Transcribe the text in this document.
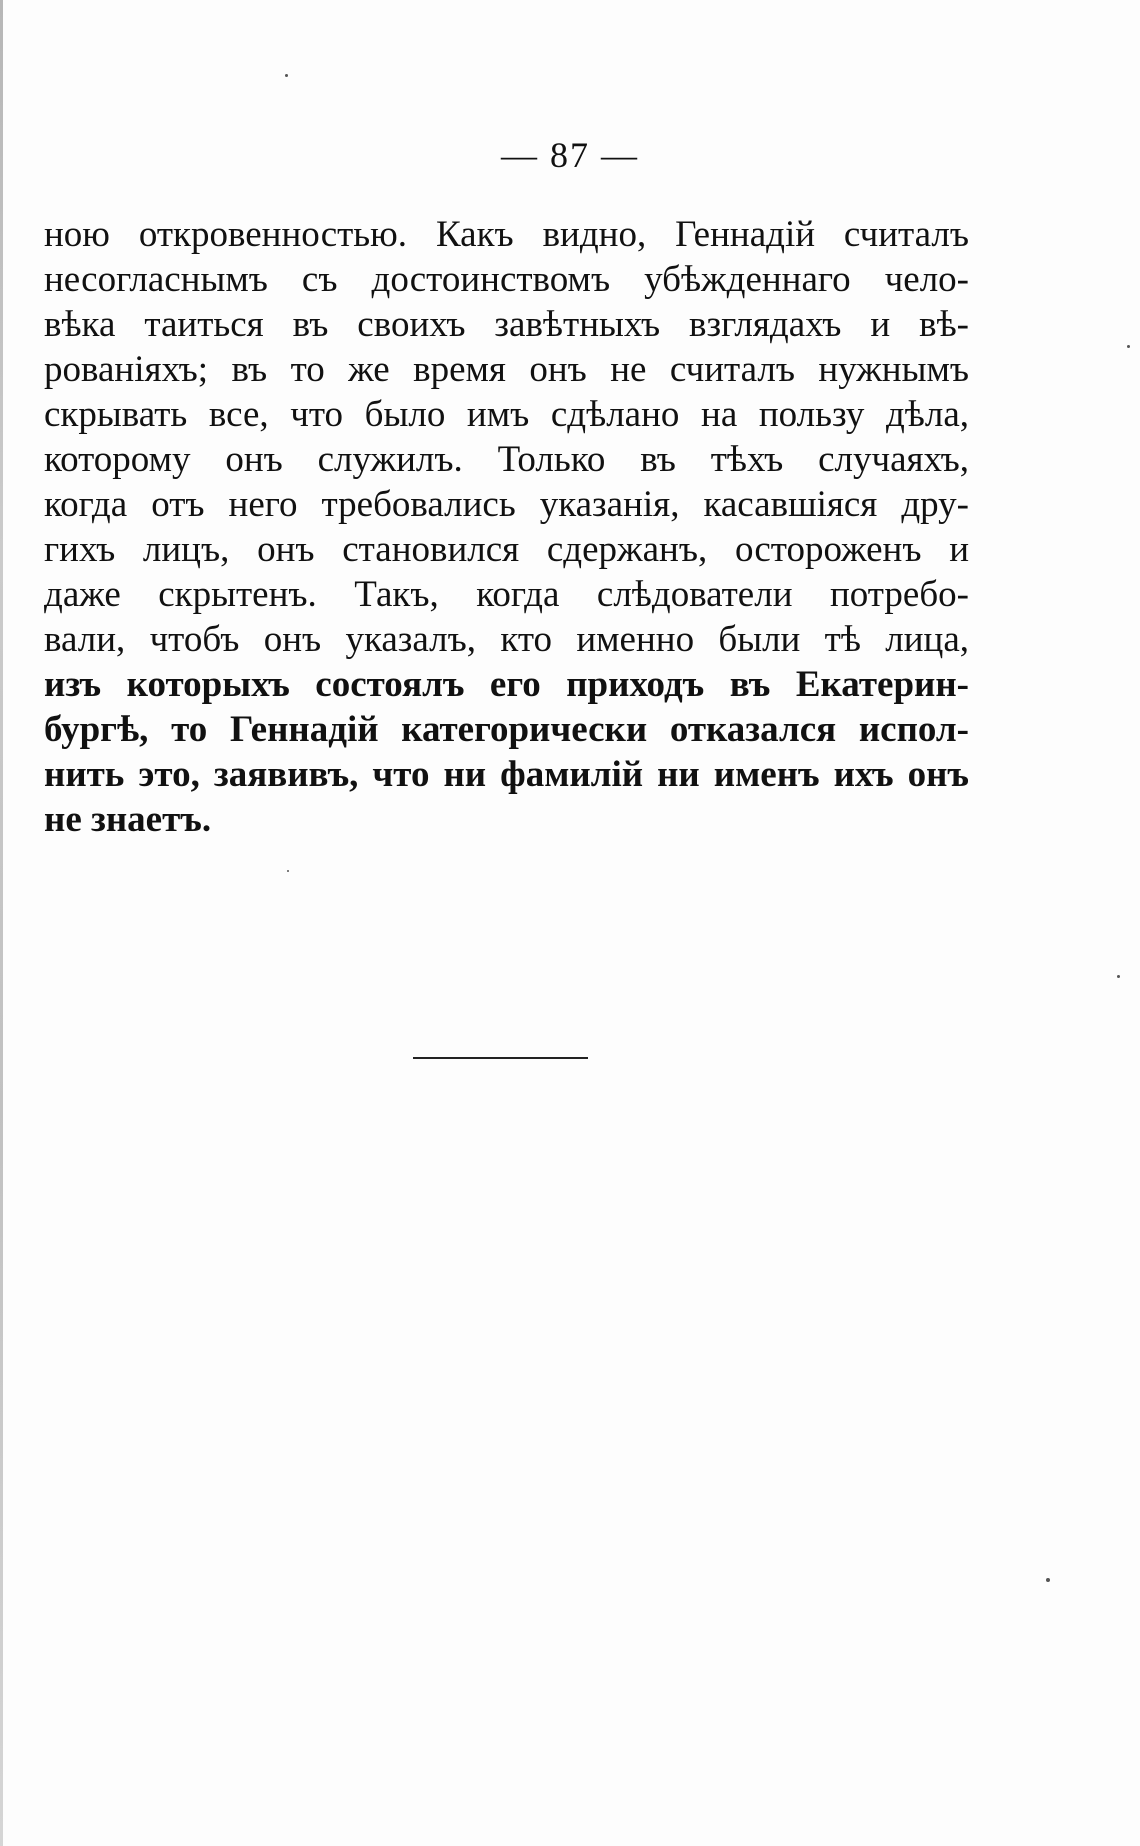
— 87 —
ною откровенностью. Какъ видно, Геннадій считалъ
несогласнымъ съ достоинствомъ убѣжденнаго чело-
вѣка таиться въ своихъ завѣтныхъ взглядахъ и вѣ-
рованіяхъ; въ то же время онъ не считалъ нужнымъ
скрывать все, что было имъ сдѣлано на пользу дѣла,
которому онъ служилъ. Только въ тѣхъ случаяхъ,
когда отъ него требовались указанія, касавшіяся дру-
гихъ лицъ, онъ становился сдержанъ, остороженъ и
даже скрытенъ. Такъ, когда слѣдователи потребо-
вали, чтобъ онъ указалъ, кто именно были тѣ лица,
изъ которыхъ состоялъ его приходъ въ Екатерин-
бургѣ, то Геннадій категорически отказался испол-
нить это, заявивъ, что ни фамилій ни именъ ихъ онъ
не знаетъ.
